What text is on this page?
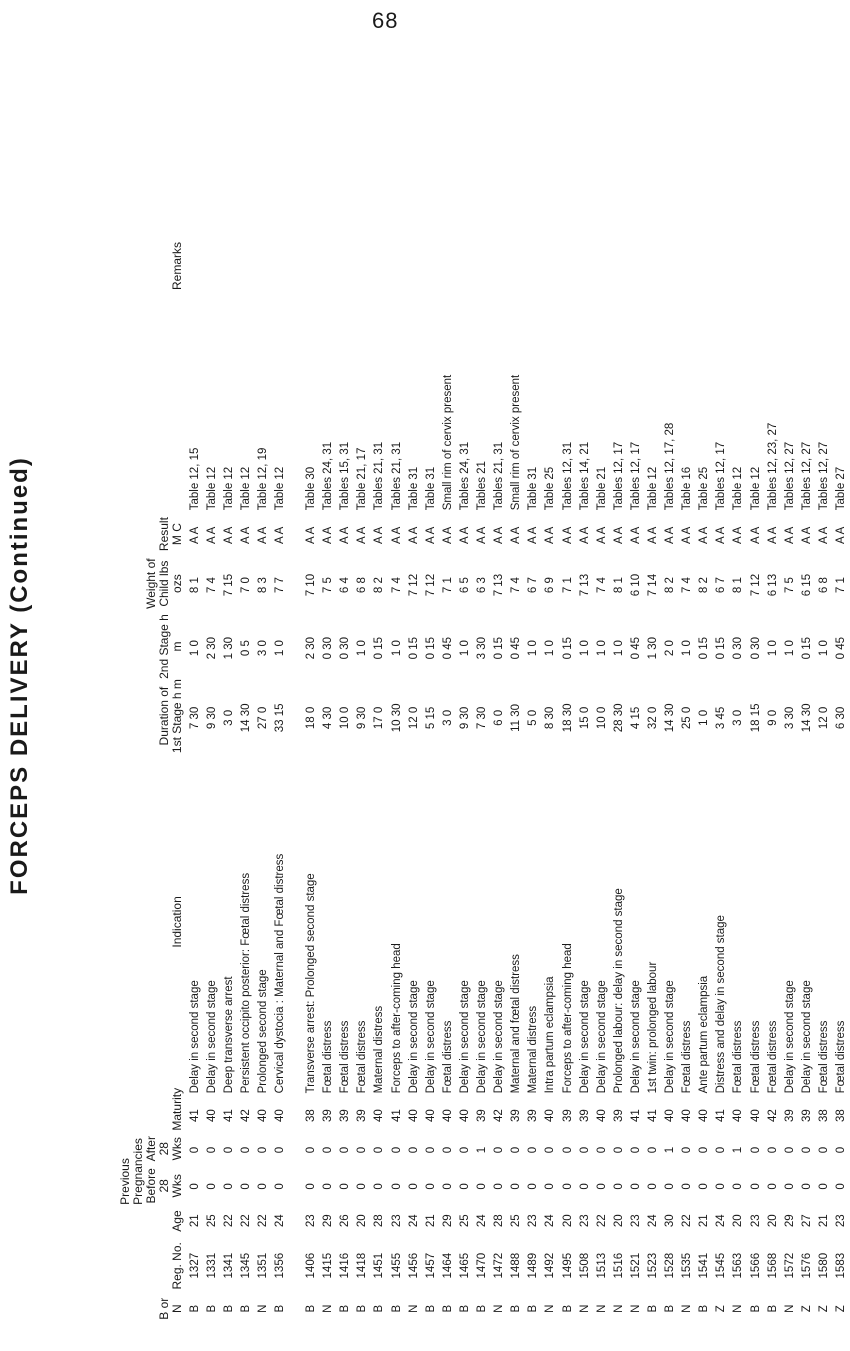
68
FORCEPS DELIVERY (Continued)
B or N
Reg. No.
Age
Previous Pregnancies Before 28 Wks
After 28 Wks
Maturity
Indication
Duration of 1st Stage h m
2nd Stage h m
Weight of Child lbs ozs
Result M C
Remarks
B
1327
21
0
0
41
Delay in second stage
7 30
1 0
8 1
A A
Table 12, 15
B
1331
25
0
0
40
Delay in second stage
9 30
2 30
7 4
A A
Table 12
B
1341
22
0
0
41
Deep transverse arrest
3 0
1 30
7 15
A A
Table 12
B
1345
22
0
0
42
Persistent occipito posterior: Fœtal distress
14 30
0 5
7 0
A A
Table 12
N
1351
22
0
0
40
Prolonged second stage
27 0
3 0
8 3
A A
Table 12, 19
B
1356
24
0
0
40
Cervical dystocia : Maternal and Fœtal distress
33 15
1 0
7 7
A A
Table 12
B
1406
23
0
0
38
Transverse arrest: Prolonged second stage
18 0
2 30
7 10
A A
Table 30
N
1415
29
0
0
39
Fœtal distress
4 30
0 30
7 5
A A
Tables 24, 31
B
1416
26
0
0
39
Fœtal distress
10 0
0 30
6 4
A A
Tables 15, 31
B
1418
20
0
0
39
Fœtal distress
9 30
1 0
6 8
A A
Table 21, 17
B
1451
28
0
0
40
Maternal distress
17 0
0 15
8 2
A A
Tables 21, 31
B
1455
23
0
0
41
Forceps to after-coming head
10 30
1 0
7 4
A A
Tables 21, 31
N
1456
24
0
0
40
Delay in second stage
12 0
0 15
7 12
A A
Table 31
B
1457
21
0
0
40
Delay in second stage
5 15
0 15
7 12
A A
Table 31
B
1464
29
0
0
40
Fœtal distress
3 0
0 45
7 1
A A
Small rim of cervix present
B
1465
25
0
0
40
Delay in second stage
9 30
1 0
6 5
A A
Tables 24, 31
B
1470
24
0
1
39
Delay in second stage
7 30
3 30
6 3
A A
Tables 21
N
1472
28
0
0
42
Delay in second stage
6 0
0 15
7 13
A A
Tables 21, 31
B
1488
25
0
0
39
Maternal and fœtal distress
11 30
0 45
7 4
A A
Small rim of cervix present
B
1489
23
0
0
39
Maternal distress
5 0
1 0
6 7
A A
Table 31
N
1492
24
0
0
40
Intra partum eclampsia
8 30
1 0
6 9
A A
Table 25
B
1495
20
0
0
39
Forceps to after-coming head
18 30
0 15
7 1
A A
Tables 12, 31
N
1508
23
0
0
39
Delay in second stage
15 0
1 0
7 13
A A
Tables 14, 21
N
1513
22
0
0
40
Delay in second stage
10 0
1 0
7 4
A A
Table 21
N
1516
20
0
0
39
Prolonged labour: delay in second stage
28 30
1 0
8 1
A A
Tables 12, 17
N
1521
23
0
0
41
Delay in second stage
4 15
0 45
6 10
A A
Tables 12, 17
B
1523
24
0
0
41
1st twin: prolonged labour
32 0
1 30
7 14
A A
Table 12
B
1528
30
0
1
40
Delay in second stage
14 30
2 0
8 2
A A
Tables 12, 17, 28
N
1535
22
0
0
40
Fœtal distress
25 0
1 0
7 4
A A
Table 16
B
1541
21
0
0
40
Ante partum eclampsia
1 0
0 15
8 2
A A
Table 25
Z
1545
24
0
0
41
Distress and delay in second stage
3 45
0 15
6 7
A A
Tables 12, 17
N
1563
20
0
1
40
Fœtal distress
3 0
0 30
8 1
A A
Table 12
B
1566
23
0
0
40
Fœtal distress
18 15
0 30
7 12
A A
Table 12
B
1568
20
0
0
42
Fœtal distress
9 0
1 0
6 13
A A
Tables 12, 23, 27
N
1572
29
0
0
39
Delay in second stage
3 30
1 0
7 5
A A
Tables 12, 27
Z
1576
27
0
0
39
Delay in second stage
14 30
0 15
6 15
A A
Tables 12, 27
Z
1580
21
0
0
38
Fœtal distress
12 0
1 0
6 8
A A
Tables 12, 27
Z
1583
23
0
0
38
Fœtal distress
6 30
0 45
7 1
A A
Table 27
